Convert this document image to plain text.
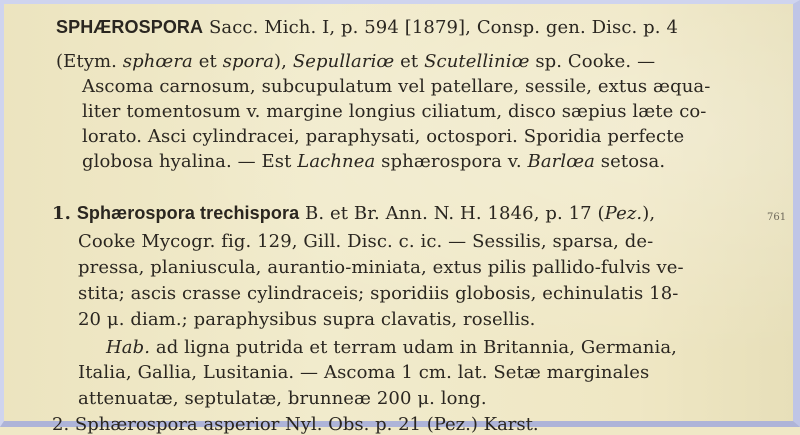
SPHÆROSPORA Sacc. Mich. I, p. 594 [1879], Consp. gen. Disc. p. 4
(Etym. sphœra et spora), Sepullariœ et Scutelliniœ sp. Cooke. —
Ascoma carnosum, subcupulatum vel patellare, sessile, extus æqua-
liter tomentosum v. margine longius ciliatum, disco sæpius læte co-
lorato. Asci cylindracei, paraphysati, octospori. Sporidia perfecte
globosa hyalina. — Est Lachnea sphærospora v. Barlœa setosa.
1. Sphærospora trechispora B. et Br. Ann. N. H. 1846, p. 17 (Pez.),	761
Cooke Mycogr. fig. 129, Gill. Disc. c. ic. — Sessilis, sparsa, de-
pressa, planiuscula, aurantio-miniata, extus pilis pallido-fulvis ve-
stita; ascis crasse cylindraceis; sporidiis globosis, echinulatis 18-
20 μ. diam.; paraphysibus supra clavatis, rosellis.
Hab. ad ligna putrida et terram udam in Britannia, Germania,
Italia, Gallia, Lusitania. — Ascoma 1 cm. lat. Setæ marginales
attenuatæ, septulatæ, brunneæ 200 μ. long.
2. Sphærospora asperior Nyl. Obs. p. 21 (Pez.) Karst.
